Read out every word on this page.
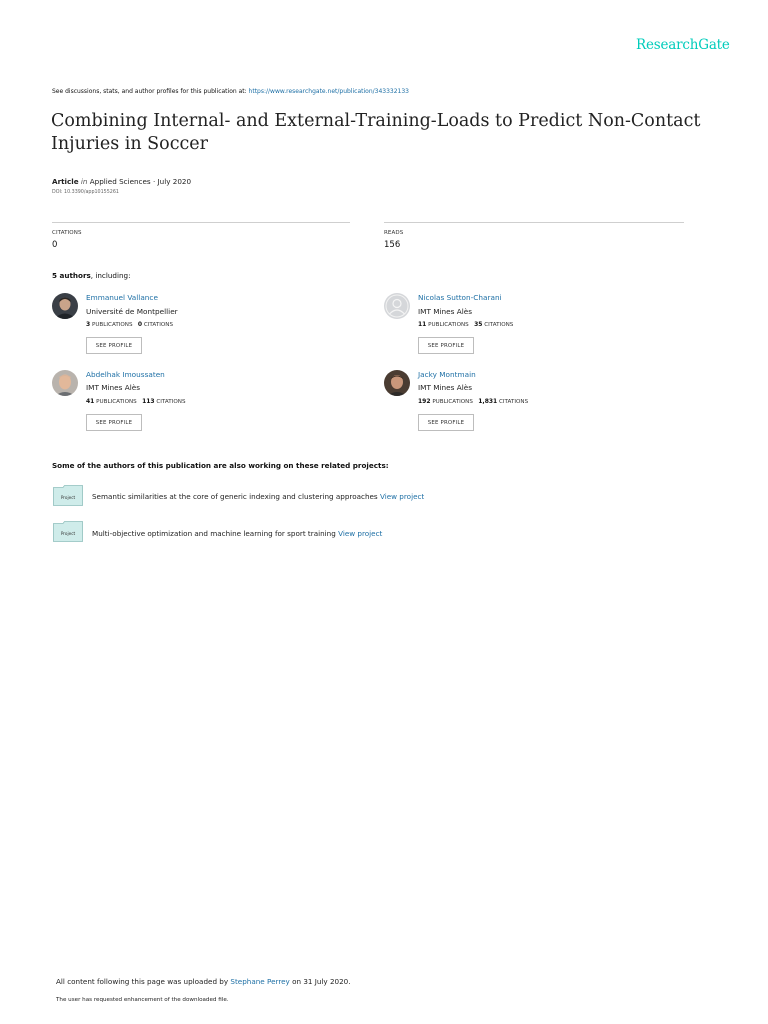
ResearchGate
See discussions, stats, and author profiles for this publication at: https://www.researchgate.net/publication/343332133
Combining Internal- and External-Training-Loads to Predict Non-Contact Injuries in Soccer
Article in Applied Sciences · July 2020
DOI: 10.3390/app10155261
CITATIONS
0
READS
156
5 authors, including:
Emmanuel Vallance
Université de Montpellier
3 PUBLICATIONS 0 CITATIONS
SEE PROFILE
Nicolas Sutton-Charani
IMT Mines Alès
11 PUBLICATIONS 35 CITATIONS
SEE PROFILE
Abdelhak Imoussaten
IMT Mines Alès
41 PUBLICATIONS 113 CITATIONS
SEE PROFILE
Jacky Montmain
IMT Mines Alès
192 PUBLICATIONS 1,831 CITATIONS
SEE PROFILE
Some of the authors of this publication are also working on these related projects:
Project Semantic similarities at the core of generic indexing and clustering approaches View project
Project Multi-objective optimization and machine learning for sport training View project
All content following this page was uploaded by Stephane Perrey on 31 July 2020.
The user has requested enhancement of the downloaded file.
